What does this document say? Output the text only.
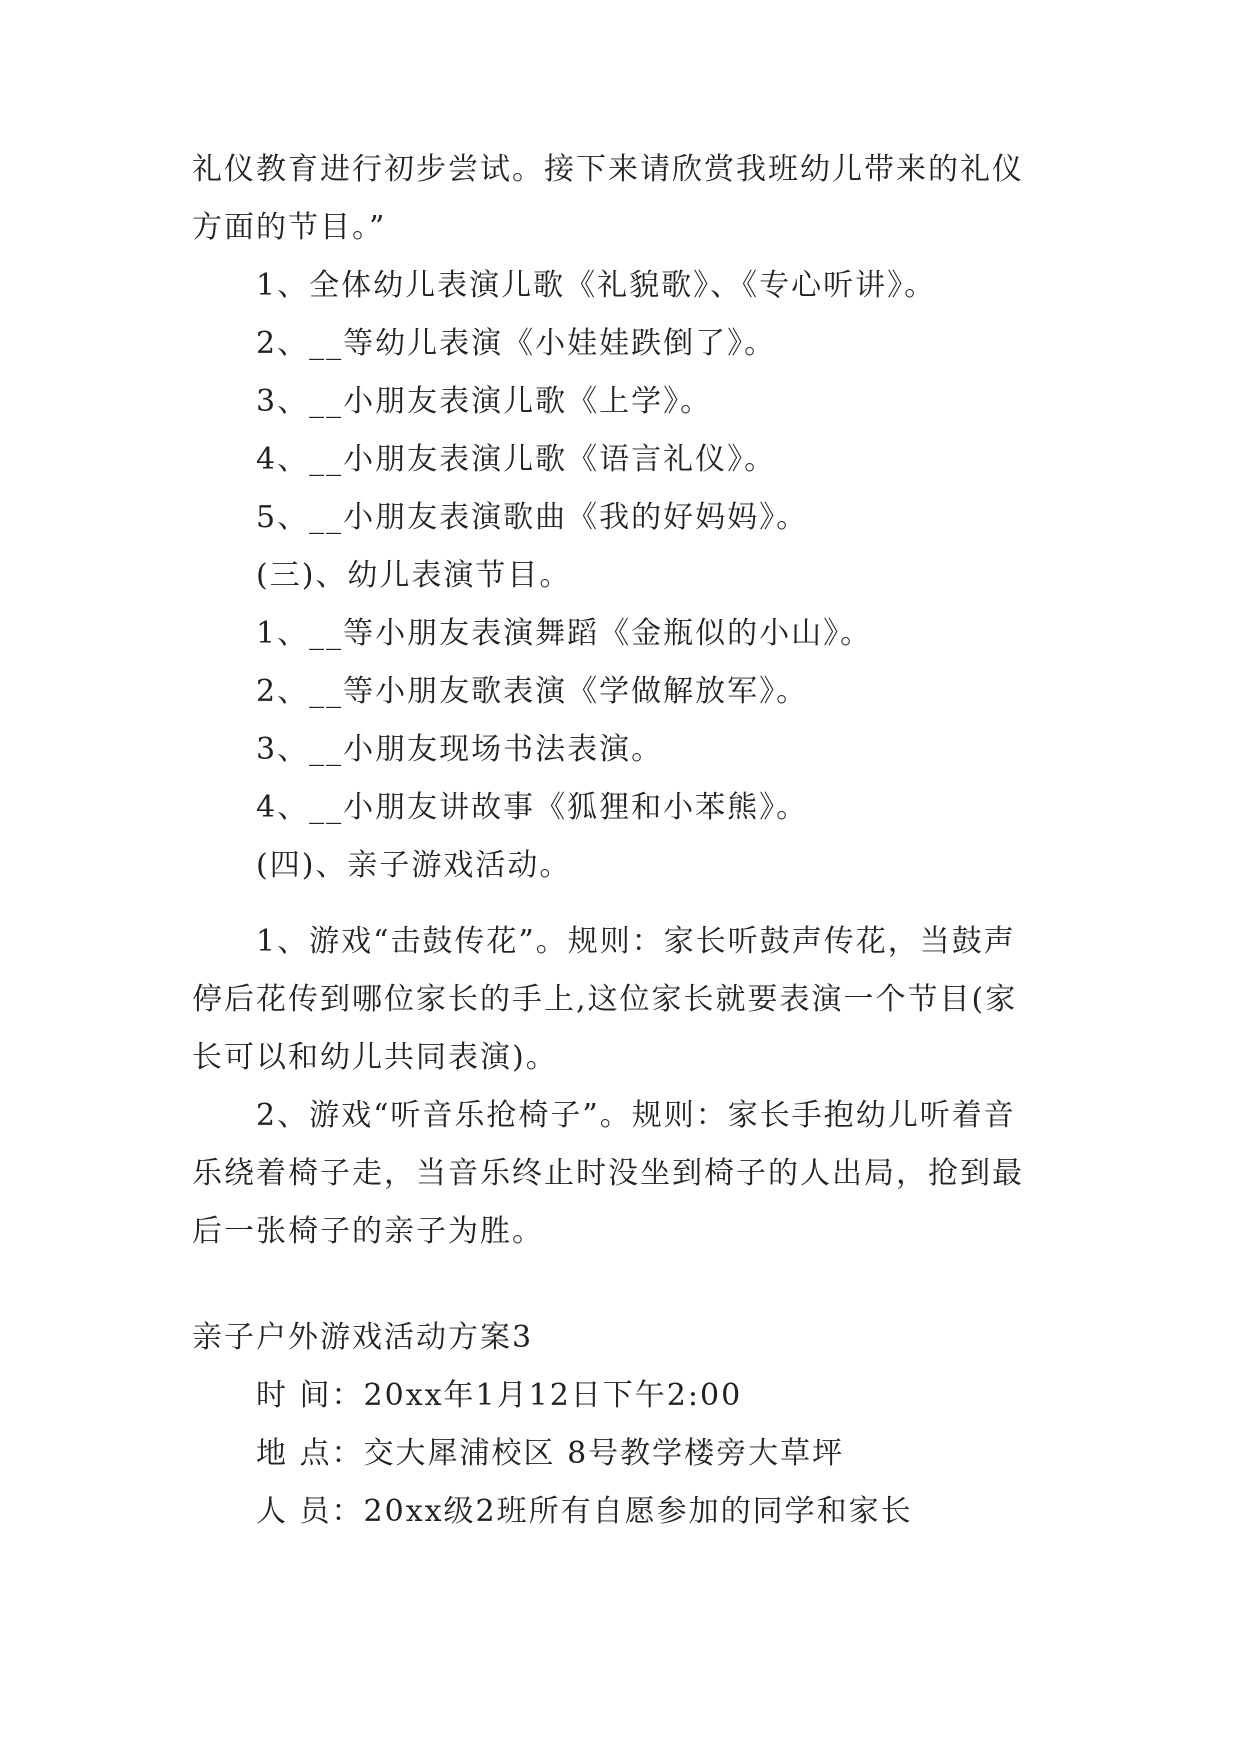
礼仪教育进行初步尝试。接下来请欣赏我班幼儿带来的礼仪
方面的节目。”
1、全体幼儿表演儿歌《礼貌歌》、《专心听讲》。
2、__等幼儿表演《小娃娃跌倒了》。
3、__小朋友表演儿歌《上学》。
4、__小朋友表演儿歌《语言礼仪》。
5、__小朋友表演歌曲《我的好妈妈》。
(三)、幼儿表演节目。
1、__等小朋友表演舞蹈《金瓶似的小山》。
2、__等小朋友歌表演《学做解放军》。
3、__小朋友现场书法表演。
4、__小朋友讲故事《狐狸和小苯熊》。
(四)、亲子游戏活动。
1、游戏“击鼓传花”。规则：家长听鼓声传花，当鼓声
停后花传到哪位家长的手上,这位家长就要表演一个节目(家
长可以和幼儿共同表演)。
2、游戏“听音乐抢椅子”。规则：家长手抱幼儿听着音
乐绕着椅子走，当音乐终止时没坐到椅子的人出局，抢到最
后一张椅子的亲子为胜。
亲子户外游戏活动方案3
时 间：20xx年1月12日下午2:00
地 点：交大犀浦校区 8号教学楼旁大草坪
人 员：20xx级2班所有自愿参加的同学和家长
